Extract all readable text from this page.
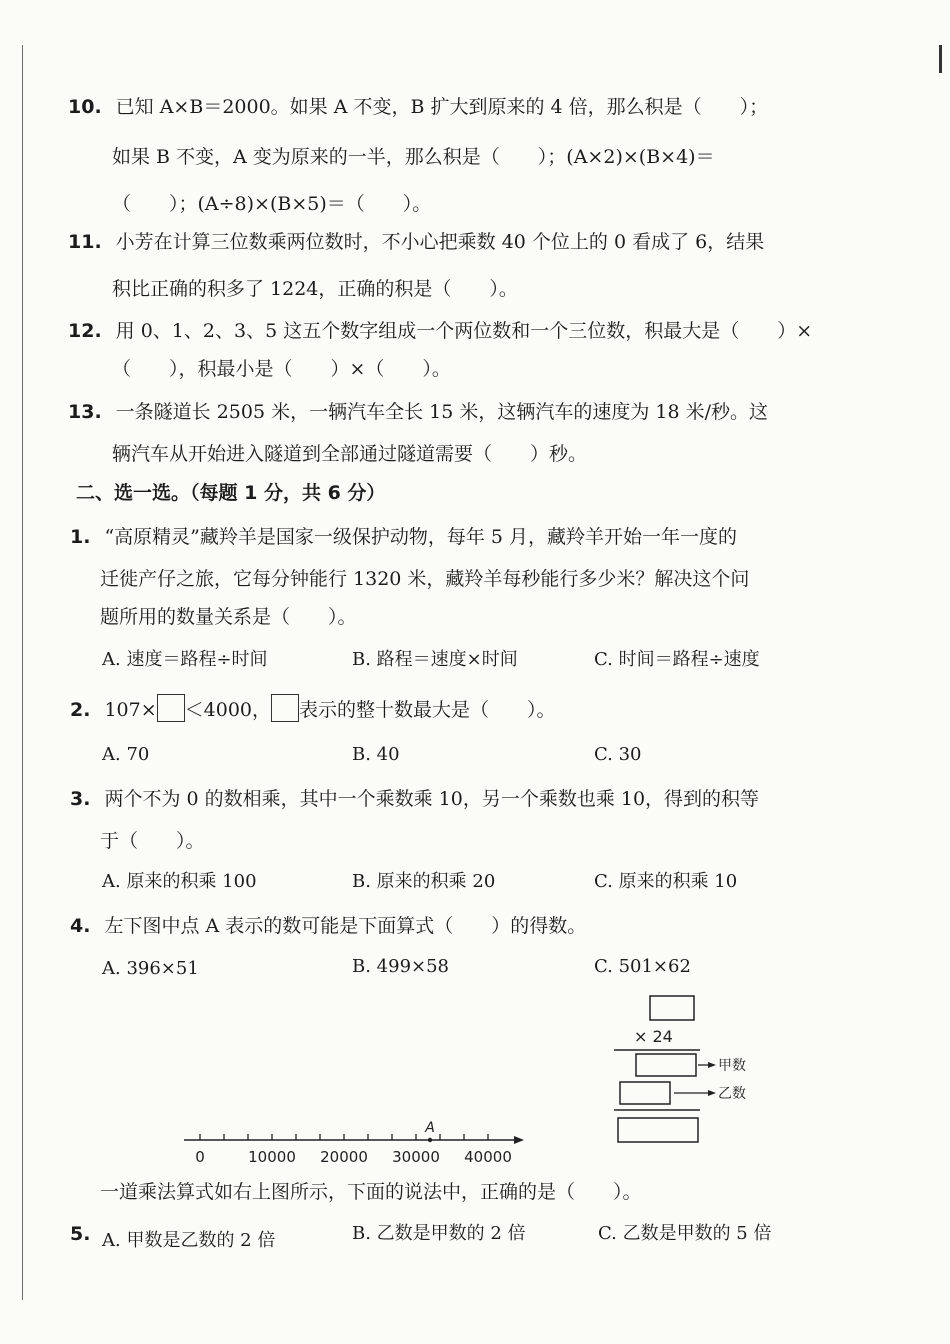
10. 已知 A×B＝2000。如果 A 不变，B 扩大到原来的 4 倍，那么积是（　　）；
如果 B 不变，A 变为原来的一半，那么积是（　　）；(A×2)×(B×4)＝
（　　）；(A÷8)×(B×5)＝（　　）。
11. 小芳在计算三位数乘两位数时，不小心把乘数 40 个位上的 0 看成了 6，结果
积比正确的积多了 1224，正确的积是（　　）。
12. 用 0、1、2、3、5 这五个数字组成一个两位数和一个三位数，积最大是（　　）×
（　　），积最小是（　　）×（　　）。
13. 一条隧道长 2505 米，一辆汽车全长 15 米，这辆汽车的速度为 18 米/秒。这
辆汽车从开始进入隧道到全部通过隧道需要（　　）秒。
二、选一选。（每题 1 分，共 6 分）
1. “高原精灵”藏羚羊是国家一级保护动物，每年 5 月，藏羚羊开始一年一度的
迁徙产仔之旅，它每分钟能行 1320 米，藏羚羊每秒能行多少米？解决这个问
题所用的数量关系是（　　）。
A. 速度＝路程÷时间	B. 路程＝速度×时间	C. 时间＝路程÷速度
2. 107× ＜4000， 表示的整十数最大是（　　）。
A. 70	B. 40	C. 30
3. 两个不为 0 的数相乘，其中一个乘数乘 10，另一个乘数也乘 10，得到的积等
于（　　）。
A. 原来的积乘 100	B. 原来的积乘 20	C. 原来的积乘 10
4. 左下图中点 A 表示的数可能是下面算式（　　）的得数。
A. 396×51	B. 499×58	C. 501×62
A
0	10000 20000 30000 40000
× 24
甲数
乙数
一道乘法算式如右上图所示，下面的说法中，正确的是（　　）。
5. A. 甲数是乙数的 2 倍	B. 乙数是甲数的 2 倍	C. 乙数是甲数的 5 倍
